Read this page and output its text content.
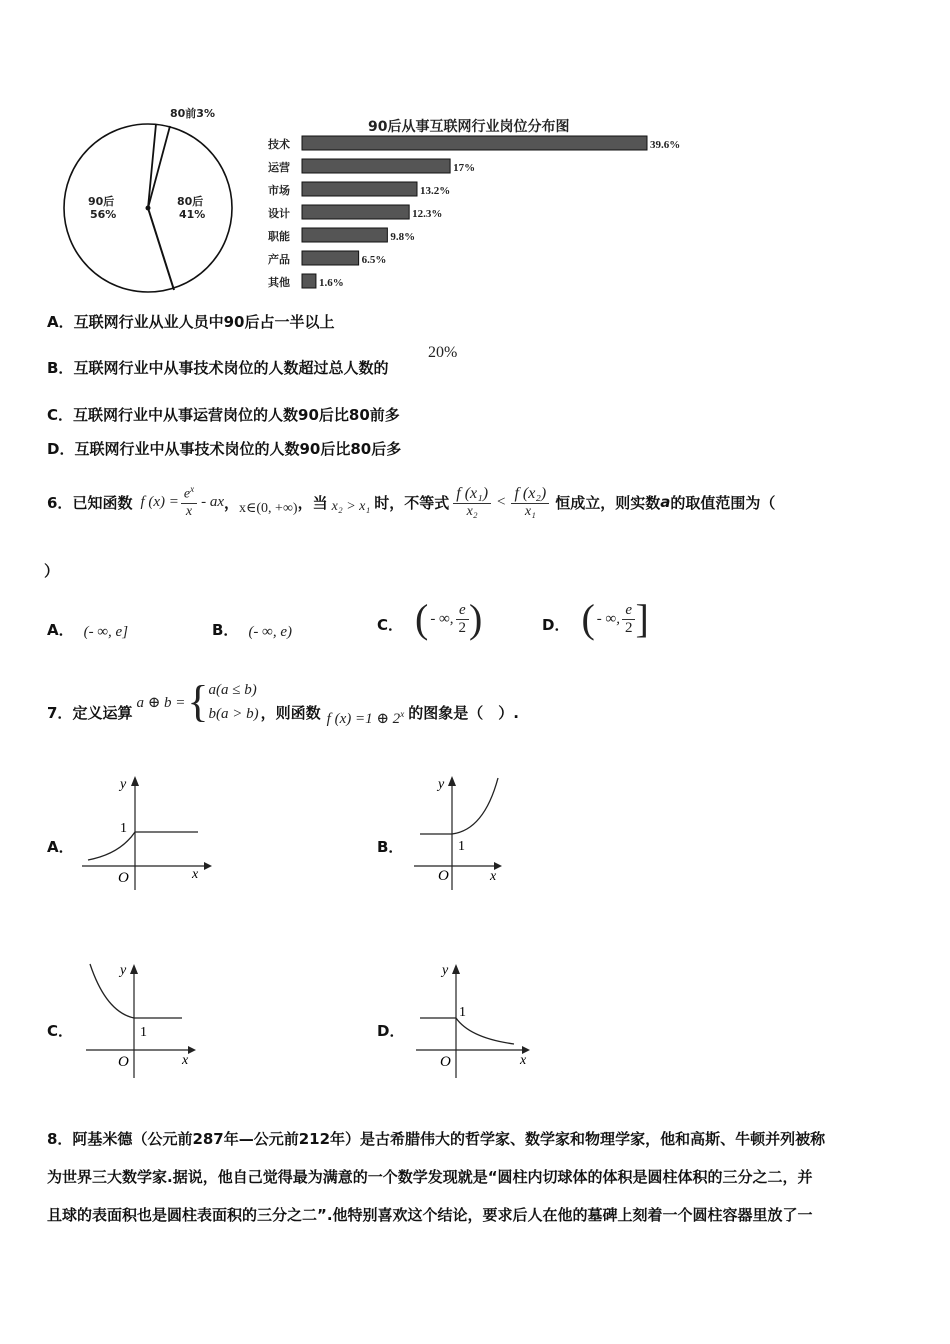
90后
56%
80后
41%
80前3%
90后从事互联网行业岗位分布图
技术	39.6%
运营	17%
市场	13.2%
设计	12.3%
职能	9.8%
产品	6.5%
其他	1.6%
A．互联网行业从业人员中90后占一半以上
B．互联网行业中从事技术岗位的人数超过总人数的
20%
C．互联网行业中从事运营岗位的人数90后比80前多
D．互联网行业中从事技术岗位的人数90后比80后多
6． 已知函数 f $(x) = \frac{e^x}{x}$ - ax ， x∈(0, +∞) ，当 x₂ > x₁ 时，不等式 $\frac{\text{f (x₁)}}{\text{x₂}} < \frac{\text{f (x₂)}}{\text{x₁}}$ 恒成立，则实数 a 的取值范围为（
）
A． (- ∞, e]	B． (- ∞, e)	C． ( - ∞, $\frac{e}{2}$ )	D． ( - ∞, $\frac{e}{2}$ ]
7． 定义运算
a ⊕ b = { a(a ≤ b)
b(a > b) ，则函数 f (x) =1 ⊕ 2$^x$ 的图象是（　）.
A．	B．
C．	D．
y
x
O
1
y
x
O
1
y
x
O
1
y
x
O
1
8．阿基米德（公元前287年—公元前212年）是古希腊伟大的哲学家、数学家和物理学家，他和高斯、牛顿并列被称
为世界三大数学家.据说，他自己觉得最为满意的一个数学发现就是“圆柱内切球体的体积是圆柱体积的三分之二，并
且球的表面积也是圆柱表面积的三分之二”.他特别喜欢这个结论，要求后人在他的墓碑上刻着一个圆柱容器里放了一
